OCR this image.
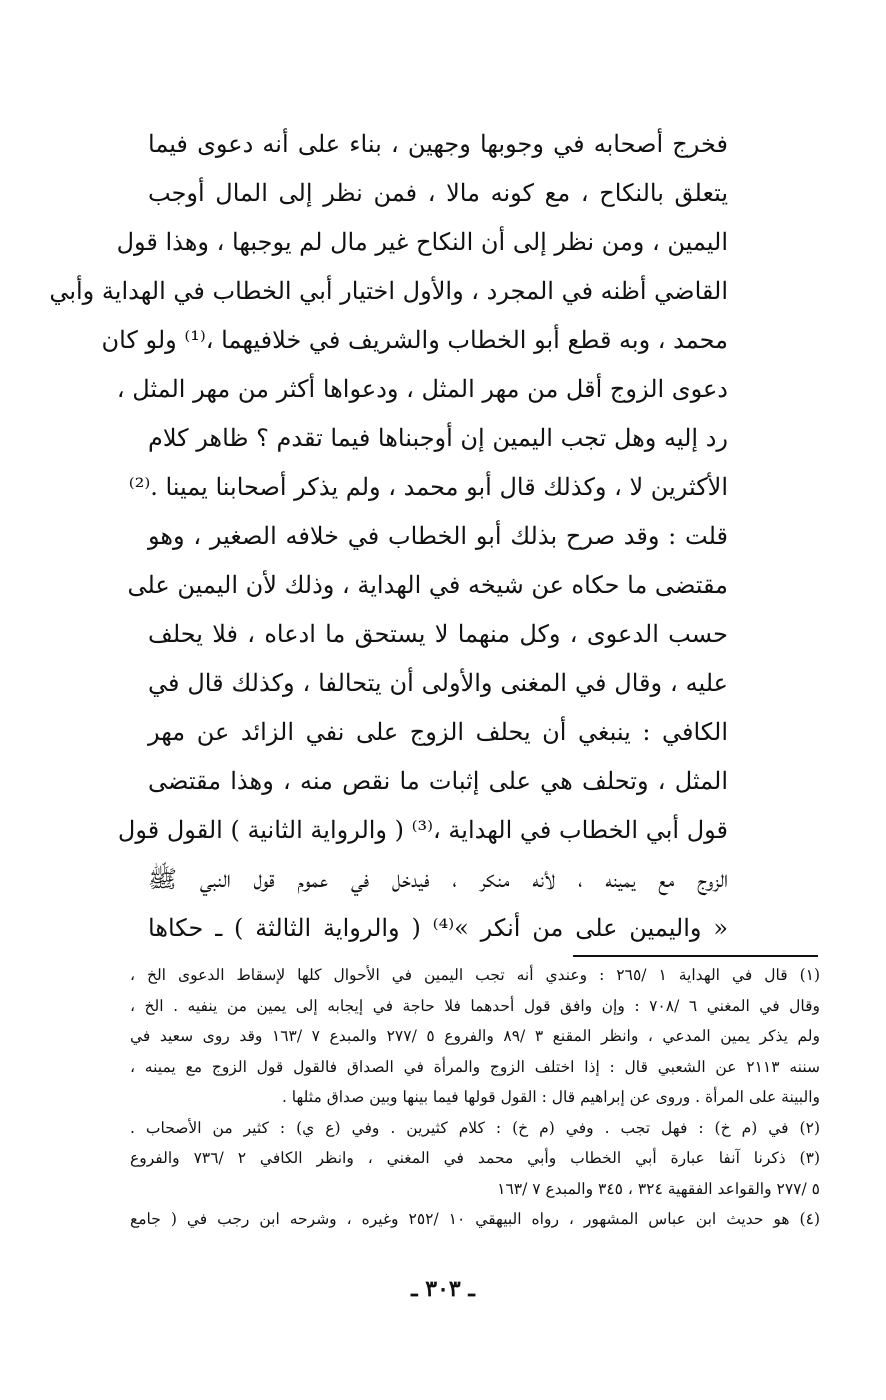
فخرج أصحابه في وجوبها وجهين ، بناء على أنه دعوى فيما
يتعلق بالنكاح ، مع كونه مالا ، فمن نظر إلى المال أوجب
اليمين ، ومن نظر إلى أن النكاح غير مال لم يوجبها ، وهذا قول
القاضي أظنه في المجرد ، والأول اختيار أبي الخطاب في الهداية وأبي
محمد ، وبه قطع أبو الخطاب والشريف في خلافيهما ،⁽¹⁾ ولو كان
دعوى الزوج أقل من مهر المثل ، ودعواها أكثر من مهر المثل ،
رد إليه وهل تجب اليمين إن أوجبناها فيما تقدم ؟ ظاهر كلام
الأكثرين لا ، وكذلك قال أبو محمد ، ولم يذكر أصحابنا يمينا .⁽²⁾
قلت : وقد صرح بذلك أبو الخطاب في خلافه الصغير ، وهو
مقتضى ما حكاه عن شيخه في الهداية ، وذلك لأن اليمين على
حسب الدعوى ، وكل منهما لا يستحق ما ادعاه ، فلا يحلف
عليه ، وقال في المغنى والأولى أن يتحالفا ، وكذلك قال في
الكافي : ينبغي أن يحلف الزوج على نفي الزائد عن مهر
المثل ، وتحلف هي على إثبات ما نقص منه ، وهذا مقتضى
قول أبي الخطاب في الهداية ،⁽³⁾ ( والرواية الثانية ) القول قول
الزوج مع يمينه ، لأنه منكر ، فيدخل في عموم قول النبي ﷺ
« واليمين على من أنكر »⁽⁴⁾ ( والرواية الثالثة ) ـ حكاها
(١) قال في الهداية ١ /٢٦٥ : وعندي أنه تجب اليمين في الأحوال كلها لإسقاط الدعوى الخ ،
وقال في المغني ٦ /٧٠٨ : وإن وافق قول أحدهما فلا حاجة في إيجابه إلى يمين من ينفيه . الخ ،
ولم يذكر يمين المدعي ، وانظر المقنع ٣ /٨٩ والفروع ٥ /٢٧٧ والمبدع ٧ /١٦٣ وقد روى سعيد في
سننه ٢١١٣ عن الشعبي قال : إذا اختلف الزوج والمرأة في الصداق فالقول قول الزوج مع يمينه ،
والبينة على المرأة . وروى عن إبراهيم قال : القول قولها فيما بينها وبين صداق مثلها .
(٢) في (م خ) : فهل تجب . وفي (م خ) : كلام كثيرين . وفي (ع ي) : كثير من الأصحاب .
(٣) ذكرنا آنفا عبارة أبي الخطاب وأبي محمد في المغني ، وانظر الكافي ٢ /٧٣٦ والفروع
٥ /٢٧٧ والقواعد الفقهية ٣٢٤ ، ٣٤٥ والمبدع ٧ /١٦٣
(٤) هو حديث ابن عباس المشهور ، رواه البيهقي ١٠ /٢٥٢ وغيره ، وشرحه ابن رجب في ( جامع
ـ ٣٠٣ ـ
